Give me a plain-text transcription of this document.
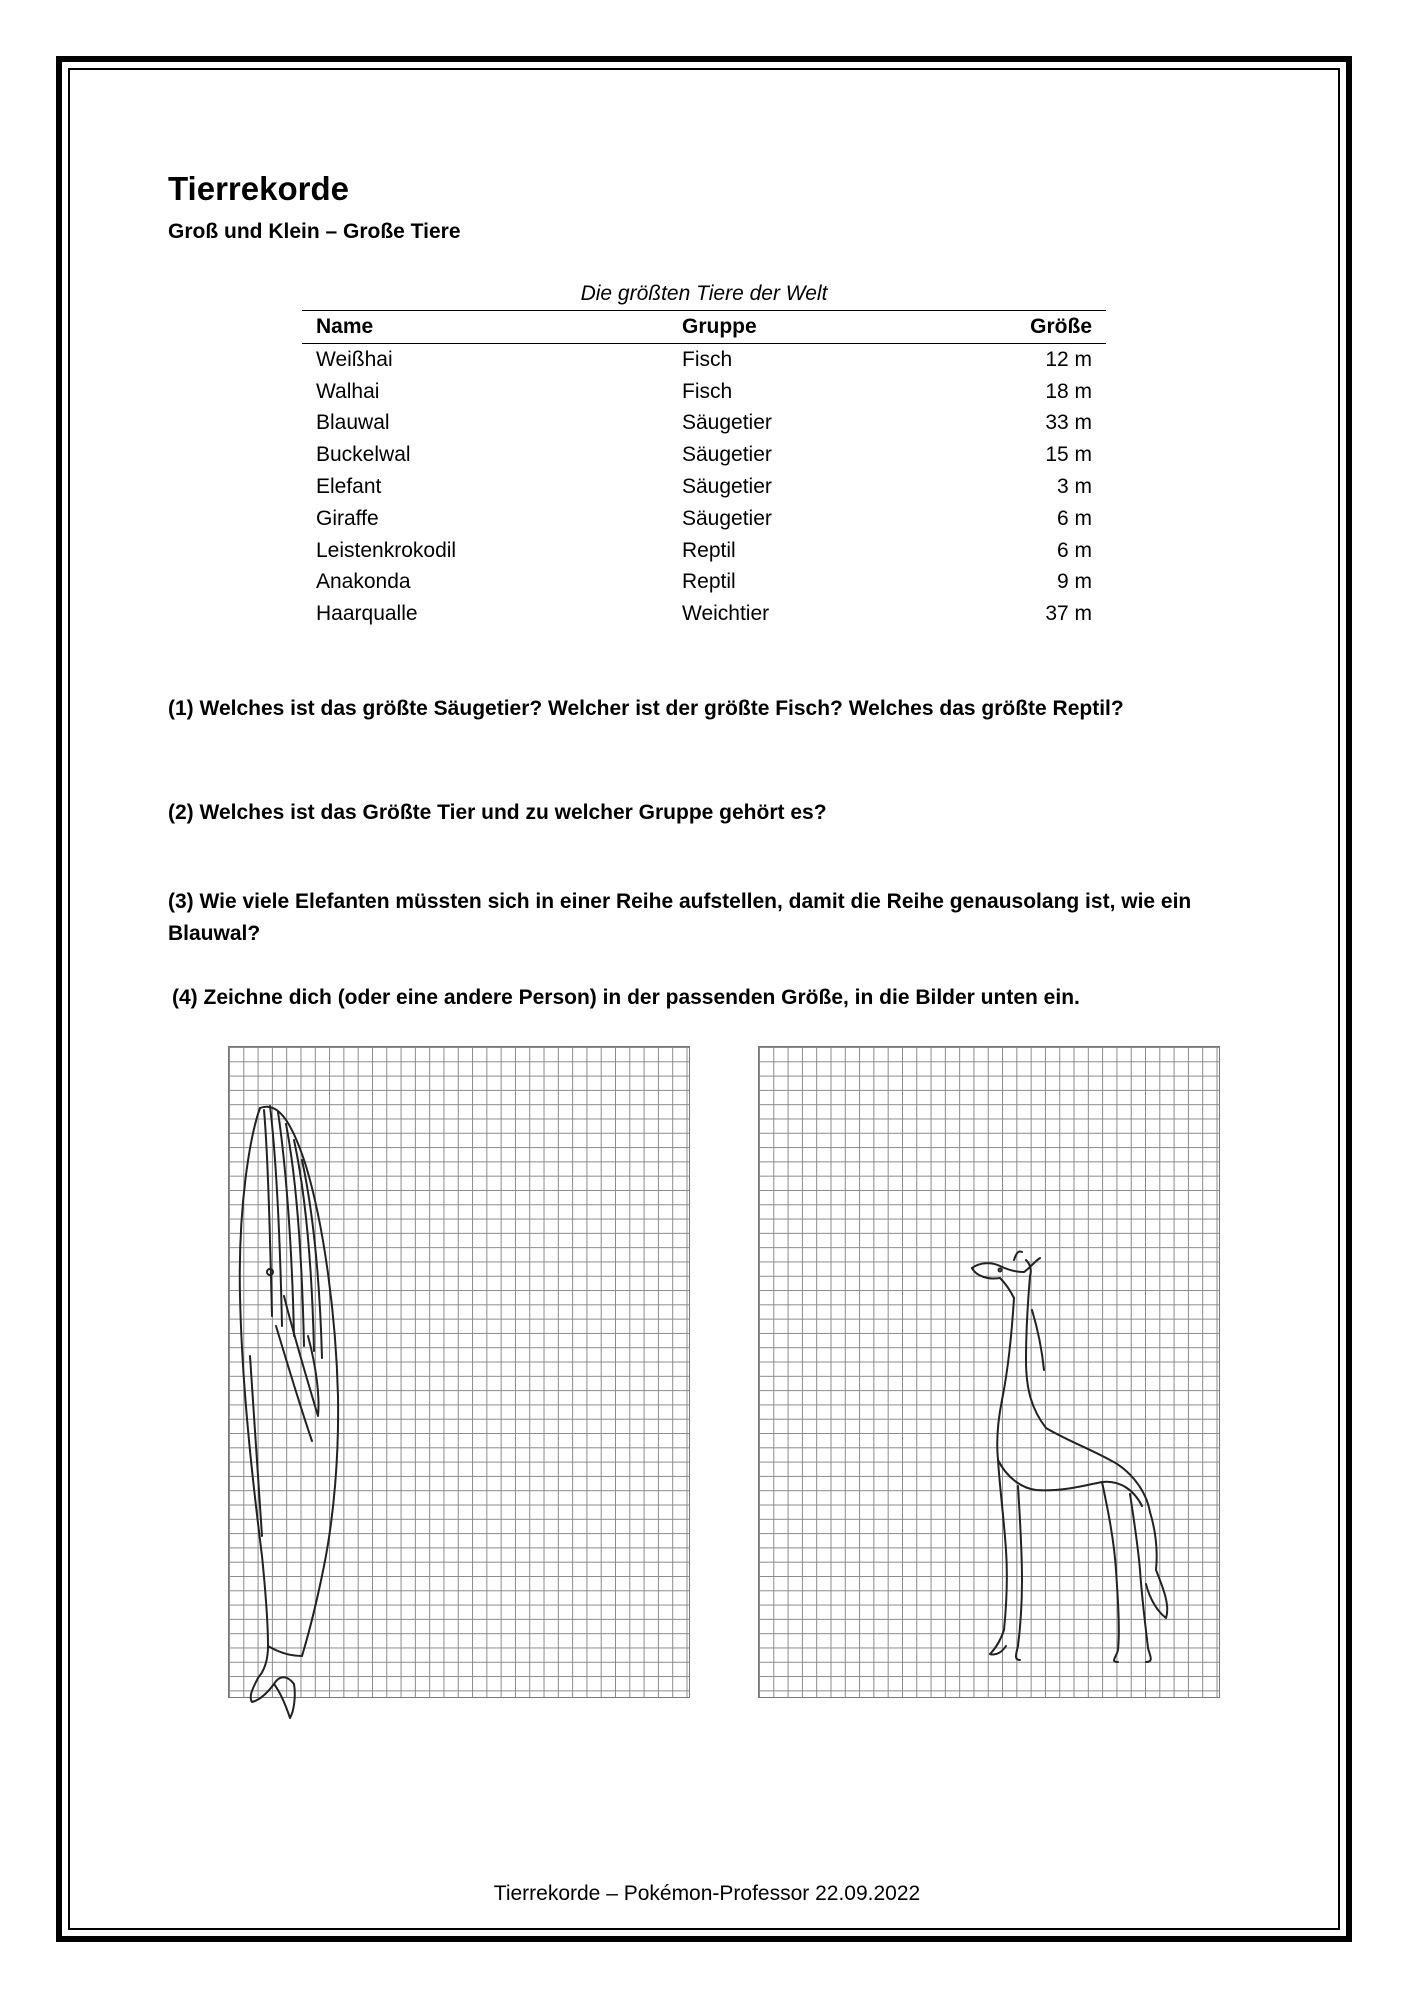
Tierrekorde
Groß und Klein – Große Tiere
Die größten Tiere der Welt
Name	Gruppe	Größe
Weißhai	Fisch	12 m
Walhai	Fisch	18 m
Blauwal	Säugetier	33 m
Buckelwal	Säugetier	15 m
Elefant	Säugetier	3 m
Giraffe	Säugetier	6 m
Leistenkrokodil	Reptil	6 m
Anakonda	Reptil	9 m
Haarqualle	Weichtier	37 m
(1) Welches ist das größte Säugetier? Welcher ist der größte Fisch? Welches das größte Reptil?
(2) Welches ist das Größte Tier und zu welcher Gruppe gehört es?
(3) Wie viele Elefanten müssten sich in einer Reihe aufstellen, damit die Reihe genausolang ist, wie ein Blauwal?
(4) Zeichne dich (oder eine andere Person) in der passenden Größe, in die Bilder unten ein.
Tierrekorde – Pokémon-Professor 22.09.2022
